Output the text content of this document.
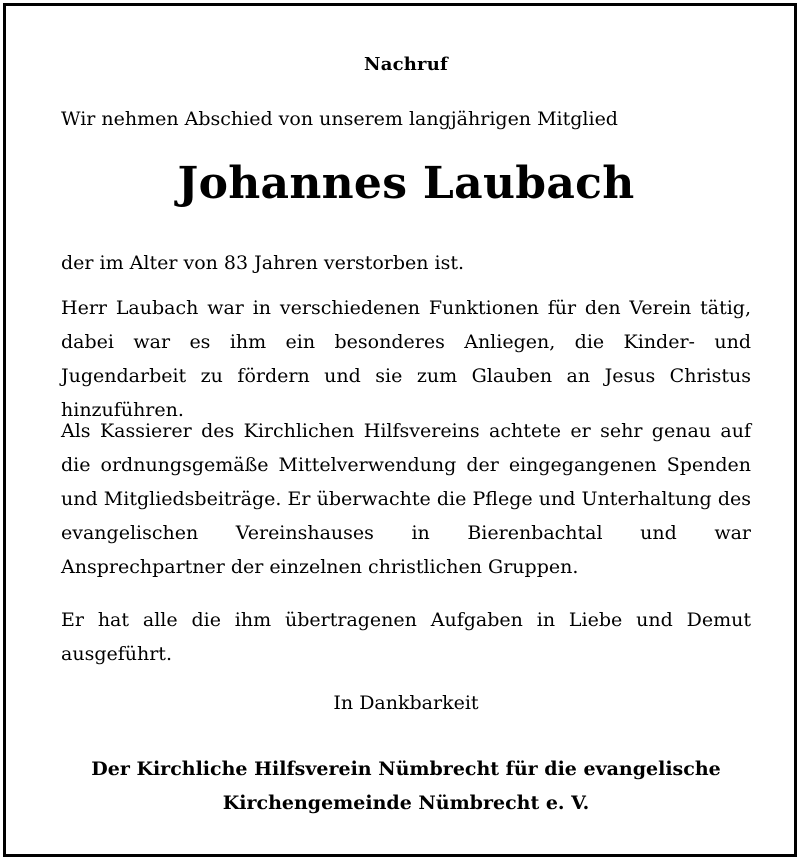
Nachruf
Wir nehmen Abschied von unserem langjährigen Mitglied
Johannes Laubach

der im Alter von 83 Jahren verstorben ist.

Herr Laubach war in verschiedenen Funktionen für den Verein tätig, dabei war es ihm ein besonderes Anliegen, die Kinder- und Jugendarbeit zu fördern und sie zum Glauben an Jesus Christus hinzuführen.

Als Kassierer des Kirchlichen Hilfsvereins achtete er sehr genau auf die ordnungsgemäße Mittelverwendung der eingegangenen Spenden und Mitgliedsbeiträge. Er überwachte die Pflege und Unterhaltung des evangelischen Vereinshauses in Bierenbachtal und war Ansprechpartner der einzelnen christlichen Gruppen.

Er hat alle die ihm übertragenen Aufgaben in Liebe und Demut ausgeführt.

In Dankbarkeit
Der Kirchliche Hilfsverein Nümbrecht für die evangelische
Kirchengemeinde Nümbrecht e. V.
